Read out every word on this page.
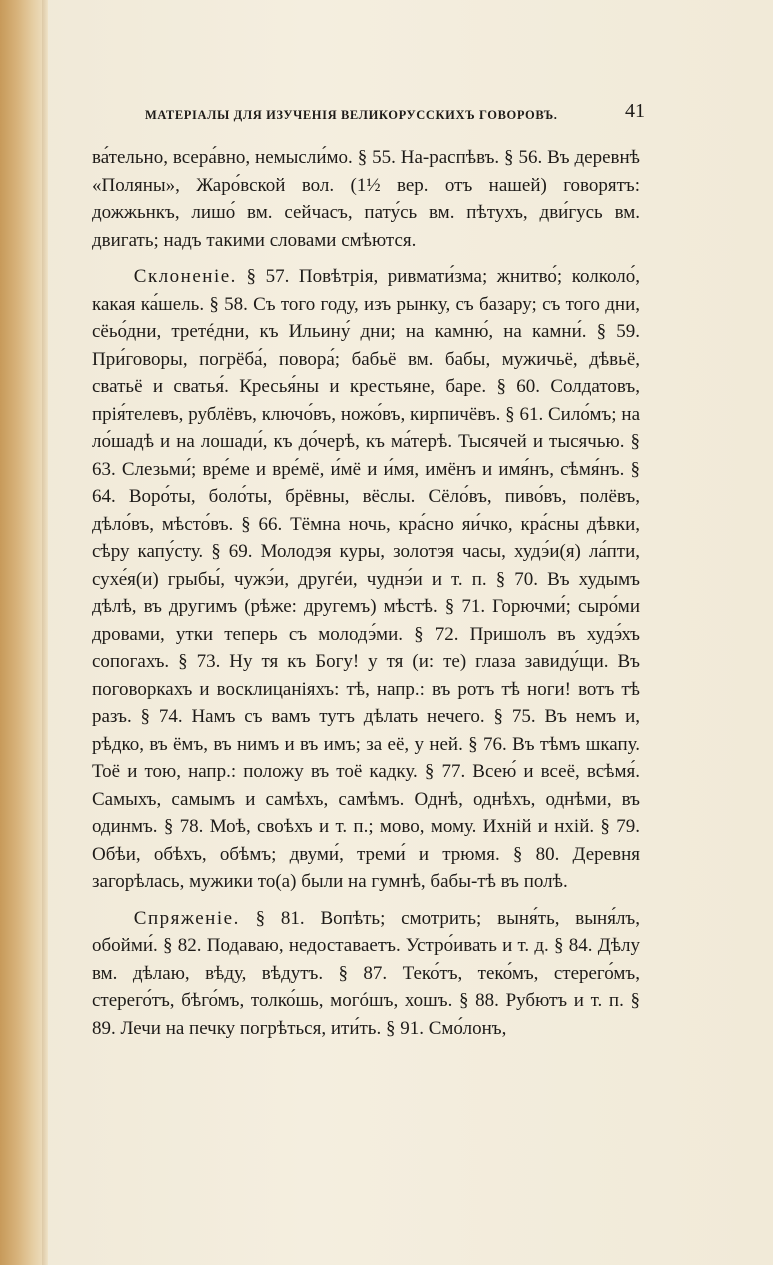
МАТЕРІАЛЫ ДЛЯ ИЗУЧЕНІЯ ВЕЛИКОРУССКИХЪ ГОВОРОВЪ.	41

ва́тельно, всера́вно, немысли́мо. § 55. На-распѣвъ. § 56. Въ деревнѣ «Поляны», Жаро́вской вол. (1½ вер. отъ нашей) говорятъ: дожжьнкъ, лишо́ вм. сейчасъ, пату́сь вм. пѣтухъ, дви́гусь вм. двигать; надъ такими словами смѣются.

Склоненіе. § 57. Повѣтрія, ривмати́зма; жнитво́; колколо́, какая ка́шель. § 58. Съ того году, изъ рынку, съ базару; съ того дни, сёьо́дни, третéдни, къ Ильину́ дни; на камню́, на камни́. § 59. При́говоры, погрёба́, повора́; бабьё вм. бабы, мужичьё, дѣвьё, сватьё и сватья́. Кресья́ны и крестьяне, баре. § 60. Солдатовъ, прія́телевъ, рублёвъ, ключо́въ, ножо́въ, кирпичёвъ. § 61. Сило́мъ; на ло́шадѣ и на лошади́, къ до́черѣ, къ ма́терѣ. Тысячей и тысячью. § 63. Слезьми́; вре́ме и вре́мё, и́мё и и́мя, имёнъ и имя́нъ, сѣмя́нъ. § 64. Воро́ты, боло́ты, брёвны, вёслы. Сёло́въ, пиво́въ, полёвъ, дѣло́въ, мѣсто́въ. § 66. Тёмна ночь, кра́сно яи́чко, кра́сны дѣвки, сѣру капу́сту. § 69. Молодэя куры, золотэя часы, худэ́и(я) ла́пти, сухе́я(и) грыбы́, чужэ́и, другéи, чуднэ́и и т. п. § 70. Въ худымъ дѣлѣ, въ другимъ (рѣже: другемъ) мѣстѣ. § 71. Горючми́; сыро́ми дровами, утки теперь съ молодэ́ми. § 72. Пришолъ въ худэ́хъ сопогахъ. § 73. Ну тя къ Богу! у тя (и: те) глаза завиду́щи. Въ поговоркахъ и восклицаніяхъ: тѣ, напр.: въ ротъ тѣ ноги! вотъ тѣ разъ. § 74. Намъ съ вамъ тутъ дѣлать нечего. § 75. Въ немъ и, рѣдко, въ ёмъ, въ нимъ и въ имъ; за её, у ней. § 76. Въ тѣмъ шкапу. Тоё и тою, напр.: положу въ тоё кадку. § 77. Всею́ и всеё, всѣмя́. Самыхъ, самымъ и самѣхъ, самѣмъ. Однѣ, однѣхъ, однѣми, въ одинмъ. § 78. Моѣ, своѣхъ и т. п.; мово, мому. Ихній и нхій. § 79. Обѣи, обѣхъ, обѣмъ; двуми́, треми́ и трюмя. § 80. Деревня загорѣлась, мужики то(а) были на гумнѣ, бабы-тѣ въ полѣ.

Спряженіе. § 81. Вопѣть; смотрить; выня́ть, выня́лъ, обойми́. § 82. Подаваю, недоставаетъ. Устро́ивать и т. д. § 84. Дѣлу вм. дѣлаю, вѣду, вѣдутъ. § 87. Теко́тъ, теко́мъ, стерего́мъ, стерего́тъ, бѣго́мъ, толко́шь, могóшъ, хошъ. § 88. Рубютъ и т. п. § 89. Лечи на печку погрѣться, ити́ть. § 91. Смо́лонъ,
